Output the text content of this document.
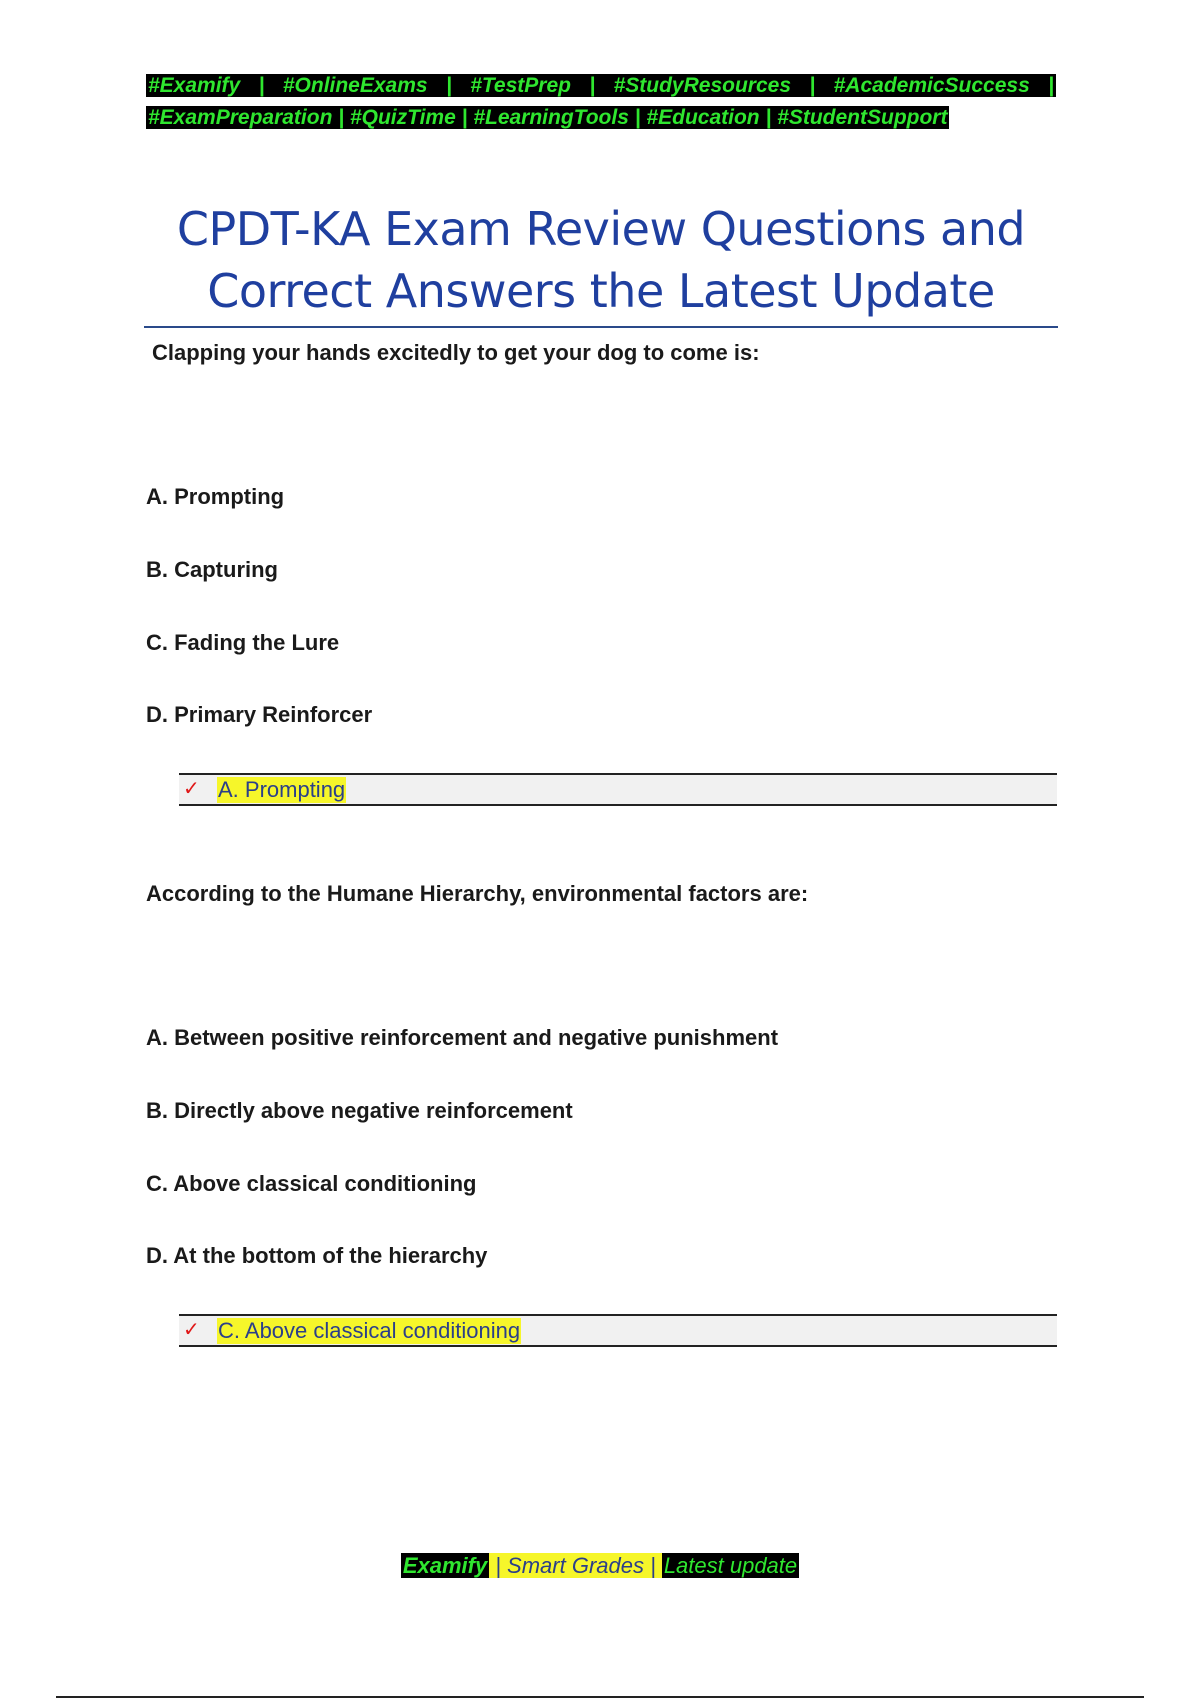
#Examify | #OnlineExams | #TestPrep | #StudyResources | #AcademicSuccess |
#ExamPreparation | #QuizTime | #LearningTools | #Education | #StudentSupport
CPDT-KA Exam Review Questions and
Correct Answers the Latest Update
Clapping your hands excitedly to get your dog to come is:
A. Prompting
B. Capturing
C. Fading the Lure
D. Primary Reinforcer
✓ A. Prompting
According to the Humane Hierarchy, environmental factors are:
A. Between positive reinforcement and negative punishment
B. Directly above negative reinforcement
C. Above classical conditioning
D. At the bottom of the hierarchy
✓ C. Above classical conditioning
Examify | Smart Grades | Latest update
